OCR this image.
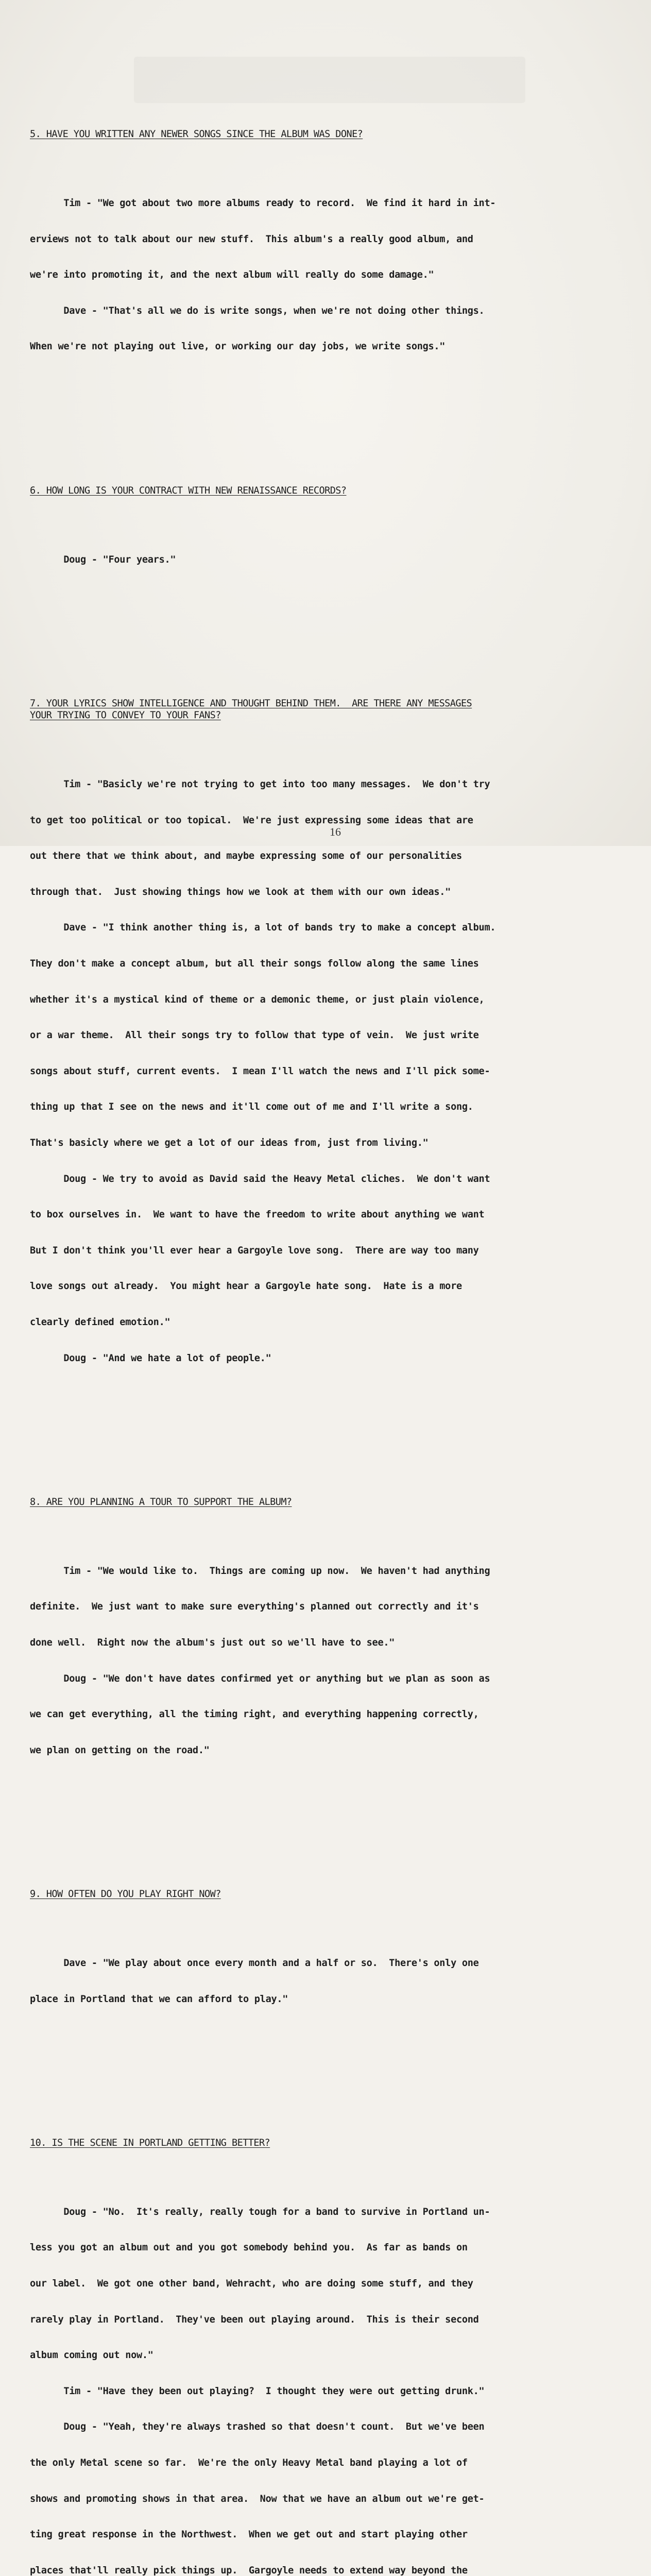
5. HAVE YOU WRITTEN ANY NEWER SONGS SINCE THE ALBUM WAS DONE?

Tim - "We got about two more albums ready to record.  We find it hard in int-

erviews not to talk about our new stuff.  This album's a really good album, and

we're into promoting it, and the next album will really do some damage."

Dave - "That's all we do is write songs, when we're not doing other things.

When we're not playing out live, or working our day jobs, we write songs."

6. HOW LONG IS YOUR CONTRACT WITH NEW RENAISSANCE RECORDS?

Doug - "Four years."

7. YOUR LYRICS SHOW INTELLIGENCE AND THOUGHT BEHIND THEM.  ARE THERE ANY MESSAGES
YOUR TRYING TO CONVEY TO YOUR FANS?

Tim - "Basicly we're not trying to get into too many messages.  We don't try

to get too political or too topical.  We're just expressing some ideas that are

out there that we think about, and maybe expressing some of our personalities

through that.  Just showing things how we look at them with our own ideas."

Dave - "I think another thing is, a lot of bands try to make a concept album.

They don't make a concept album, but all their songs follow along the same lines

whether it's a mystical kind of theme or a demonic theme, or just plain violence,

or a war theme.  All their songs try to follow that type of vein.  We just write

songs about stuff, current events.  I mean I'll watch the news and I'll pick some-

thing up that I see on the news and it'll come out of me and I'll write a song.

That's basicly where we get a lot of our ideas from, just from living."

Doug - We try to avoid as David said the Heavy Metal cliches.  We don't want

to box ourselves in.  We want to have the freedom to write about anything we want

But I don't think you'll ever hear a Gargoyle love song.  There are way too many

love songs out already.  You might hear a Gargoyle hate song.  Hate is a more

clearly defined emotion."

Doug - "And we hate a lot of people."

8. ARE YOU PLANNING A TOUR TO SUPPORT THE ALBUM?

Tim - "We would like to.  Things are coming up now.  We haven't had anything

definite.  We just want to make sure everything's planned out correctly and it's

done well.  Right now the album's just out so we'll have to see."

Doug - "We don't have dates confirmed yet or anything but we plan as soon as

we can get everything, all the timing right, and everything happening correctly,

we plan on getting on the road."

9. HOW OFTEN DO YOU PLAY RIGHT NOW?

Dave - "We play about once every month and a half or so.  There's only one

place in Portland that we can afford to play."

10. IS THE SCENE IN PORTLAND GETTING BETTER?

Doug - "No.  It's really, really tough for a band to survive in Portland un-

less you got an album out and you got somebody behind you.  As far as bands on

our label.  We got one other band, Wehracht, who are doing some stuff, and they

rarely play in Portland.  They've been out playing around.  This is their second

album coming out now."

Tim - "Have they been out playing?  I thought they were out getting drunk."

Doug - "Yeah, they're always trashed so that doesn't count.  But we've been

the only Metal scene so far.  We're the only Heavy Metal band playing a lot of

shows and promoting shows in that area.  Now that we have an album out we're get-

ting great response in the Northwest.  When we get out and start playing other

places that'll really pick things up.  Gargoyle needs to extend way beyond the

16
